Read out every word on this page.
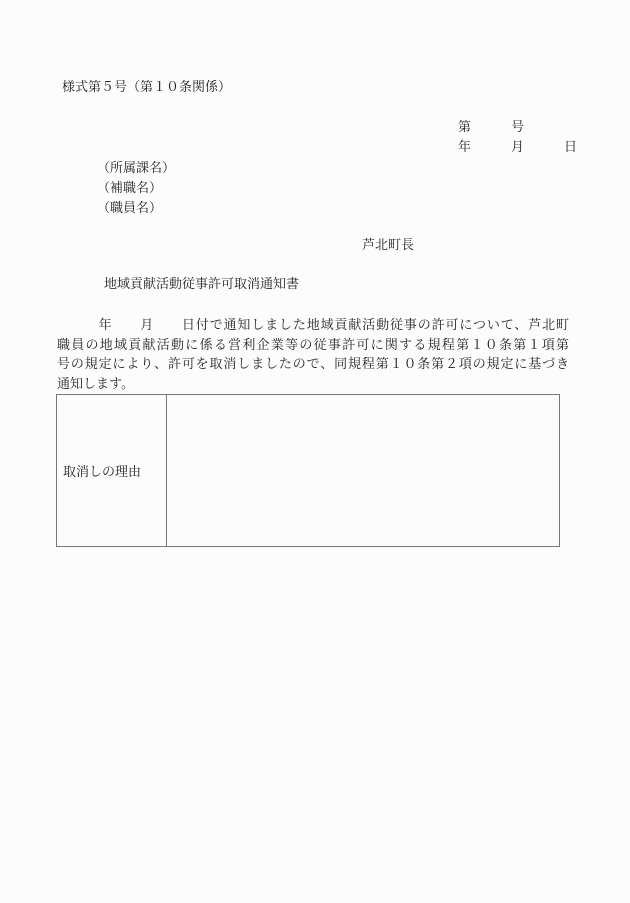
様式第５号（第１０条関係）
第	号
年	月	日
（所属課名）
（補職名）
（職員名）
芦北町長
地域貢献活動従事許可取消通知書
　　　年　　月　　日付で通知しました地域貢献活動従事の許可について、芦北町
職員の地域貢献活動に係る営利企業等の従事許可に関する規程第１０条第１項第
号の規定により、許可を取消しましたので、同規程第１０条第２項の規定に基づき
通知します。
取消しの理由
